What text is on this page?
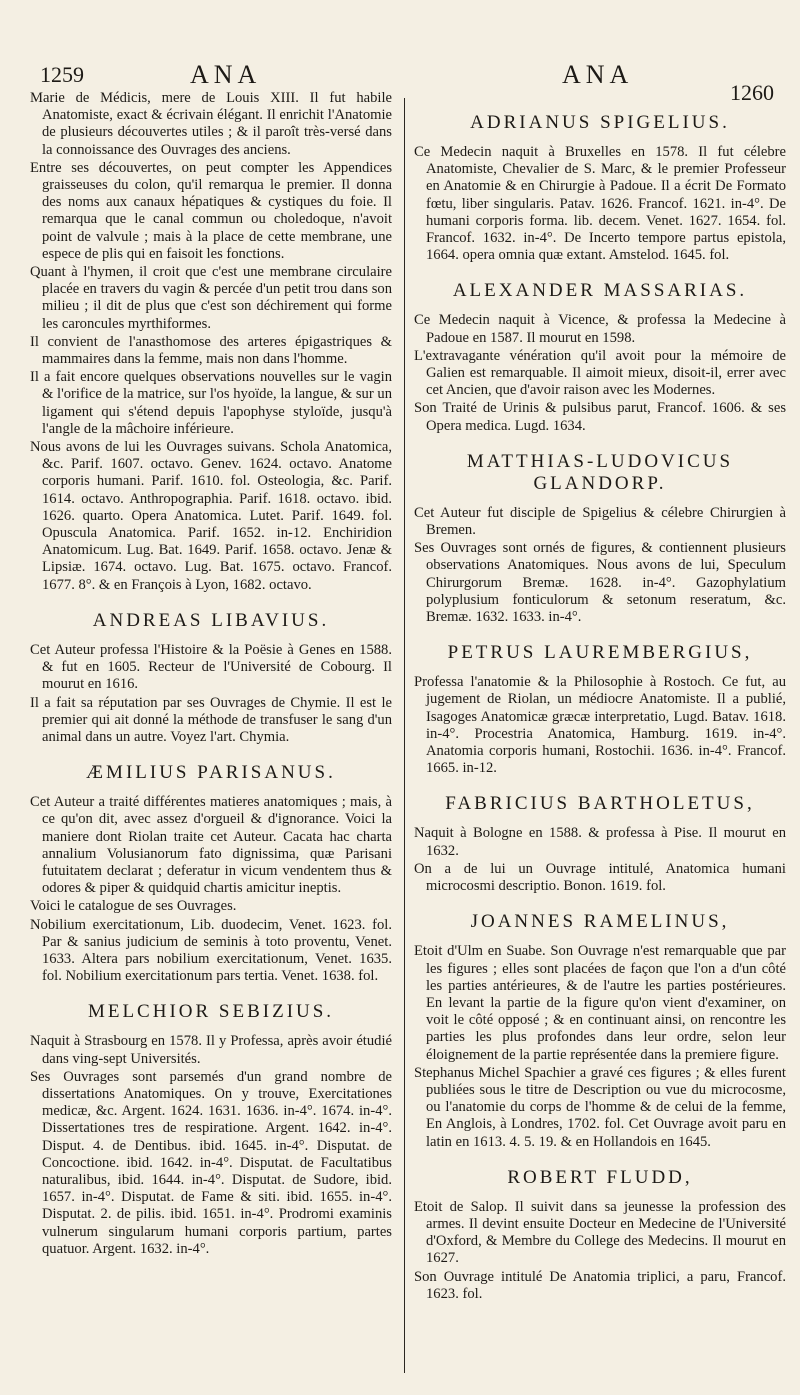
1259	ANA	ANA
1260

Marie de Médicis, mere de Louis XIII. Il fut habile Anatomiste, exact & écrivain élégant. Il enrichit l'Anatomie de plusieurs découvertes utiles ; & il paroît très-versé dans la connoissance des Ouvrages des anciens.

Entre ses découvertes, on peut compter les Appendices graisseuses du colon, qu'il remarqua le premier. Il donna des noms aux canaux hépatiques & cystiques du foie. Il remarqua que le canal commun ou choledoque, n'avoit point de valvule ; mais à la place de cette membrane, une espece de plis qui en faisoit les fonctions.

Quant à l'hymen, il croit que c'est une membrane circulaire placée en travers du vagin & percée d'un petit trou dans son milieu ; il dit de plus que c'est son déchirement qui forme les caroncules myrthiformes.

Il convient de l'anasthomose des arteres épigastriques & mammaires dans la femme, mais non dans l'homme.

Il a fait encore quelques observations nouvelles sur le vagin & l'orifice de la matrice, sur l'os hyoïde, la langue, & sur un ligament qui s'étend depuis l'apophyse styloïde, jusqu'à l'angle de la mâchoire inférieure.

Nous avons de lui les Ouvrages suivans. Schola Anatomica, &c. Parif. 1607. octavo. Genev. 1624. octavo. Anatome corporis humani. Parif. 1610. fol. Osteologia, &c. Parif. 1614. octavo. Anthropographia. Parif. 1618. octavo. ibid. 1626. quarto. Opera Anatomica. Lutet. Parif. 1649. fol. Opuscula Anatomica. Parif. 1652. in-12. Enchiridion Anatomicum. Lug. Bat. 1649. Parif. 1658. octavo. Jenæ & Lipsiæ. 1674. octavo. Lug. Bat. 1675. octavo. Francof. 1677. 8°. & en François à Lyon, 1682. octavo.

ANDREAS LIBAVIUS.

Cet Auteur professa l'Histoire & la Poësie à Genes en 1588. & fut en 1605. Recteur de l'Université de Cobourg. Il mourut en 1616.

Il a fait sa réputation par ses Ouvrages de Chymie. Il est le premier qui ait donné la méthode de transfuser le sang d'un animal dans un autre. Voyez l'art. Chymia.

ÆMILIUS PARISANUS.

Cet Auteur a traité différentes matieres anatomiques ; mais, à ce qu'on dit, avec assez d'orgueil & d'ignorance. Voici la maniere dont Riolan traite cet Auteur. Cacata hac charta annalium Volusianorum fato dignissima, quæ Parisani futuitatem declarat ; deferatur in vicum vendentem thus & odores & piper & quidquid chartis amicitur ineptis.

Voici le catalogue de ses Ouvrages.

Nobilium exercitationum, Lib. duodecim, Venet. 1623. fol. Par & sanius judicium de seminis à toto proventu, Venet. 1633. Altera pars nobilium exercitationum, Venet. 1635. fol. Nobilium exercitationum pars tertia. Venet. 1638. fol.

MELCHIOR SEBIZIUS.

Naquit à Strasbourg en 1578. Il y Professa, après avoir étudié dans ving-sept Universités.

Ses Ouvrages sont parsemés d'un grand nombre de dissertations Anatomiques. On y trouve, Exercitationes medicæ, &c. Argent. 1624. 1631. 1636. in-4°. 1674. in-4°. Dissertationes tres de respiratione. Argent. 1642. in-4°. Disput. 4. de Dentibus. ibid. 1645. in-4°. Disputat. de Concoctione. ibid. 1642. in-4°. Disputat. de Facultatibus naturalibus, ibid. 1644. in-4°. Disputat. de Sudore, ibid. 1657. in-4°. Disputat. de Fame & siti. ibid. 1655. in-4°. Disputat. 2. de pilis. ibid. 1651. in-4°. Prodromi examinis vulnerum singularum humani corporis partium, partes quatuor. Argent. 1632. in-4°.

ADRIANUS SPIGELIUS.

Ce Medecin naquit à Bruxelles en 1578. Il fut célebre Anatomiste, Chevalier de S. Marc, & le premier Professeur en Anatomie & en Chirurgie à Padoue. Il a écrit De Formato fœtu, liber singularis. Patav. 1626. Francof. 1621. in-4°. De humani corporis forma. lib. decem. Venet. 1627. 1654. fol. Francof. 1632. in-4°. De Incerto tempore partus epistola, 1664. opera omnia quæ extant. Amstelod. 1645. fol.

ALEXANDER MASSARIAS.

Ce Medecin naquit à Vicence, & professa la Medecine à Padoue en 1587. Il mourut en 1598.

L'extravagante vénération qu'il avoit pour la mémoire de Galien est remarquable. Il aimoit mieux, disoit-il, errer avec cet Ancien, que d'avoir raison avec les Modernes.

Son Traité de Urinis & pulsibus parut, Francof. 1606. & ses Opera medica. Lugd. 1634.

MATTHIAS-LUDOVICUS GLANDORP.

Cet Auteur fut disciple de Spigelius & célebre Chirurgien à Bremen.

Ses Ouvrages sont ornés de figures, & contiennent plusieurs observations Anatomiques. Nous avons de lui, Speculum Chirurgorum Bremæ. 1628. in-4°. Gazophylatium polyplusium fonticulorum & setonum reseratum, &c. Bremæ. 1632. 1633. in-4°.

PETRUS LAUREMBERGIUS,

Professa l'anatomie & la Philosophie à Rostoch. Ce fut, au jugement de Riolan, un médiocre Anatomiste. Il a publié, Isagoges Anatomicæ græcæ interpretatio, Lugd. Batav. 1618. in-4°. Procestria Anatomica, Hamburg. 1619. in-4°. Anatomia corporis humani, Rostochii. 1636. in-4°. Francof. 1665. in-12.

FABRICIUS BARTHOLETUS,

Naquit à Bologne en 1588. & professa à Pise. Il mourut en 1632.

On a de lui un Ouvrage intitulé, Anatomica humani microcosmi descriptio. Bonon. 1619. fol.

JOANNES RAMELINUS,

Etoit d'Ulm en Suabe. Son Ouvrage n'est remarquable que par les figures ; elles sont placées de façon que l'on a d'un côté les parties antérieures, & de l'autre les parties postérieures. En levant la partie de la figure qu'on vient d'examiner, on voit le côté opposé ; & en continuant ainsi, on rencontre les parties les plus profondes dans leur ordre, selon leur éloignement de la partie représentée dans la premiere figure.

Stephanus Michel Spachier a gravé ces figures ; & elles furent publiées sous le titre de Description ou vue du microcosme, ou l'anatomie du corps de l'homme & de celui de la femme, En Anglois, à Londres, 1702. fol. Cet Ouvrage avoit paru en latin en 1613. 4. 5. 19. & en Hollandois en 1645.

ROBERT FLUDD,

Etoit de Salop. Il suivit dans sa jeunesse la profession des armes. Il devint ensuite Docteur en Medecine de l'Université d'Oxford, & Membre du College des Medecins. Il mourut en 1627.

Son Ouvrage intitulé De Anatomia triplici, a paru, Francof. 1623. fol.
